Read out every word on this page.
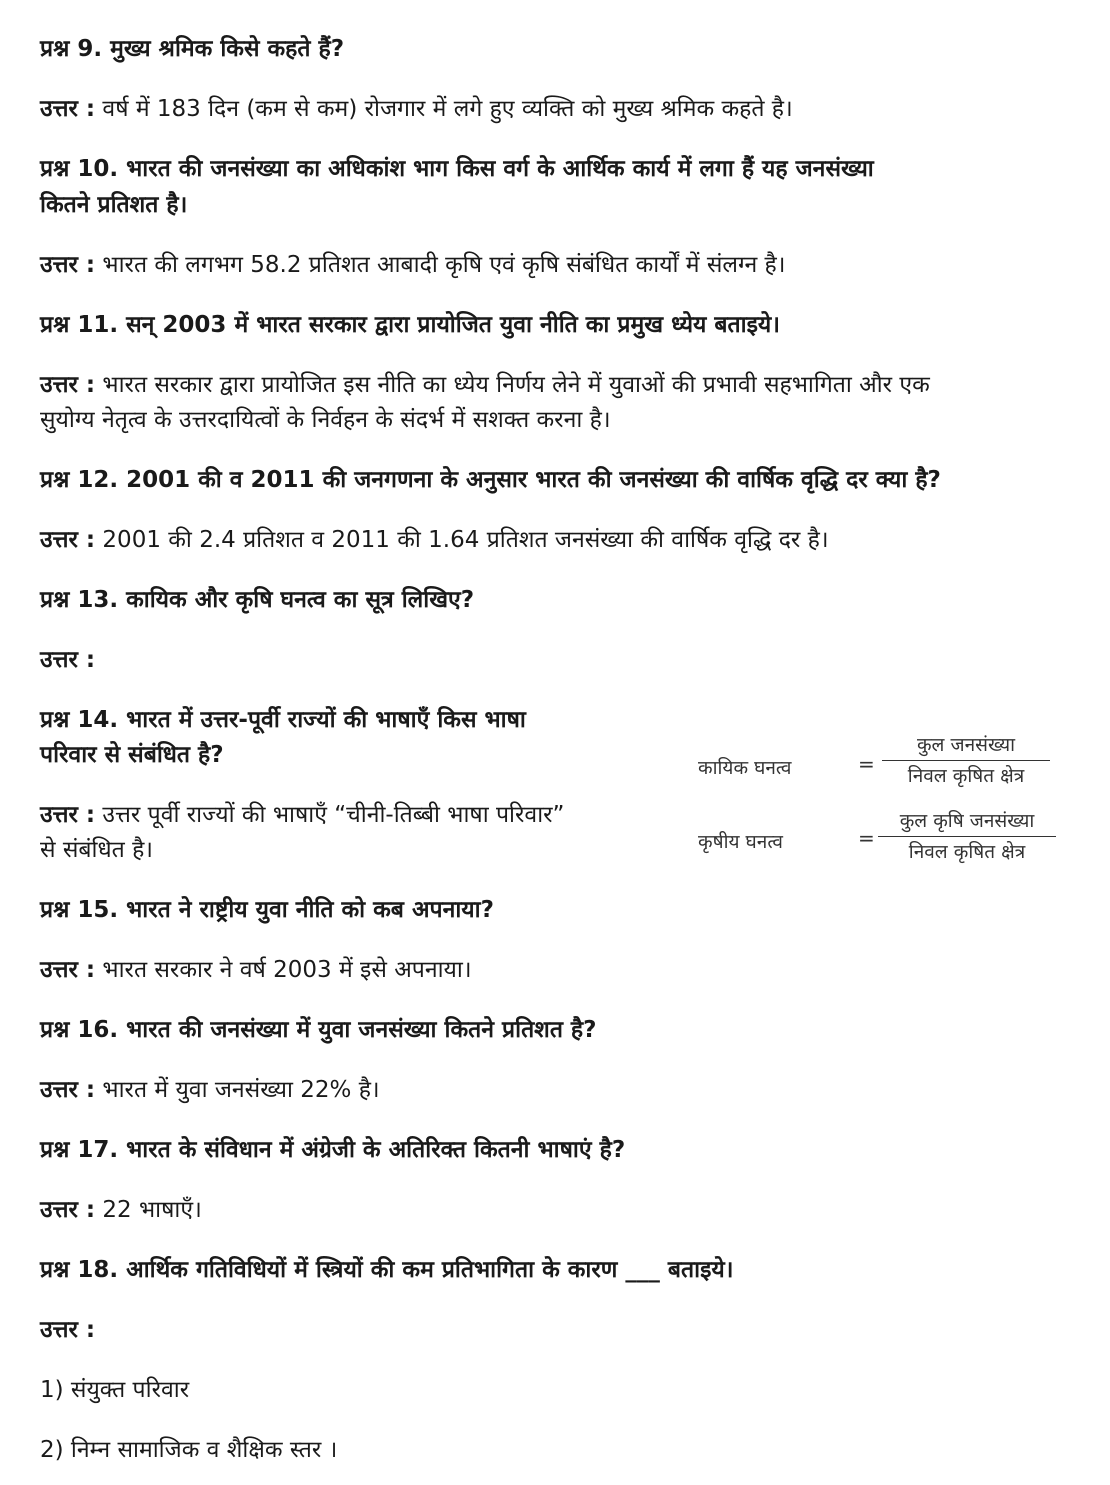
प्रश्न 9. मुख्य श्रमिक किसे कहते हैं?
उत्तर : वर्ष में 183 दिन (कम से कम) रोजगार में लगे हुए व्यक्ति को मुख्य श्रमिक कहते है।
प्रश्न 10. भारत की जनसंख्या का अधिकांश भाग किस वर्ग के आर्थिक कार्य में लगा हैं यह जनसंख्या
कितने प्रतिशत है।
उत्तर : भारत की लगभग 58.2 प्रतिशत आबादी कृषि एवं कृषि संबंधित कार्यों में संलग्न है।
प्रश्न 11. सन् 2003 में भारत सरकार द्वारा प्रायोजित युवा नीति का प्रमुख ध्येय बताइये।
उत्तर : भारत सरकार द्वारा प्रायोजित इस नीति का ध्येय निर्णय लेने में युवाओं की प्रभावी सहभागिता और एक
सुयोग्य नेतृत्व के उत्तरदायित्वों के निर्वहन के संदर्भ में सशक्त करना है।
प्रश्न 12. 2001 की व 2011 की जनगणना के अनुसार भारत की जनसंख्या की वार्षिक वृद्धि दर क्या है?
उत्तर : 2001 की 2.4 प्रतिशत व 2011 की 1.64 प्रतिशत जनसंख्या की वार्षिक वृद्धि दर है।
प्रश्न 13. कायिक और कृषि घनत्व का सूत्र लिखिए?
उत्तर :
प्रश्न 14. भारत में उत्तर-पूर्वी राज्यों की भाषाएँ किस भाषा
परिवार से संबंधित है?
उत्तर : उत्तर पूर्वी राज्यों की भाषाएँ “चीनी-तिब्बी भाषा परिवार”
से संबंधित है।
कायिक घनत्व	=
कुल जनसंख्या
निवल कृषित क्षेत्र
कृषीय घनत्व	=
कुल कृषि जनसंख्या
निवल कृषित क्षेत्र
प्रश्न 15. भारत ने राष्ट्रीय युवा नीति को कब अपनाया?
उत्तर : भारत सरकार ने वर्ष 2003 में इसे अपनाया।
प्रश्न 16. भारत की जनसंख्या में युवा जनसंख्या कितने प्रतिशत है?
उत्तर : भारत में युवा जनसंख्या 22% है।
प्रश्न 17. भारत के संविधान में अंग्रेजी के अतिरिक्त कितनी भाषाएं है?
उत्तर : 22 भाषाएँ।
प्रश्न 18. आर्थिक गतिविधियों में स्त्रियों की कम प्रतिभागिता के कारण ___ बताइये।
उत्तर :
1) संयुक्त परिवार
2) निम्न सामाजिक व शैक्षिक स्तर ।
